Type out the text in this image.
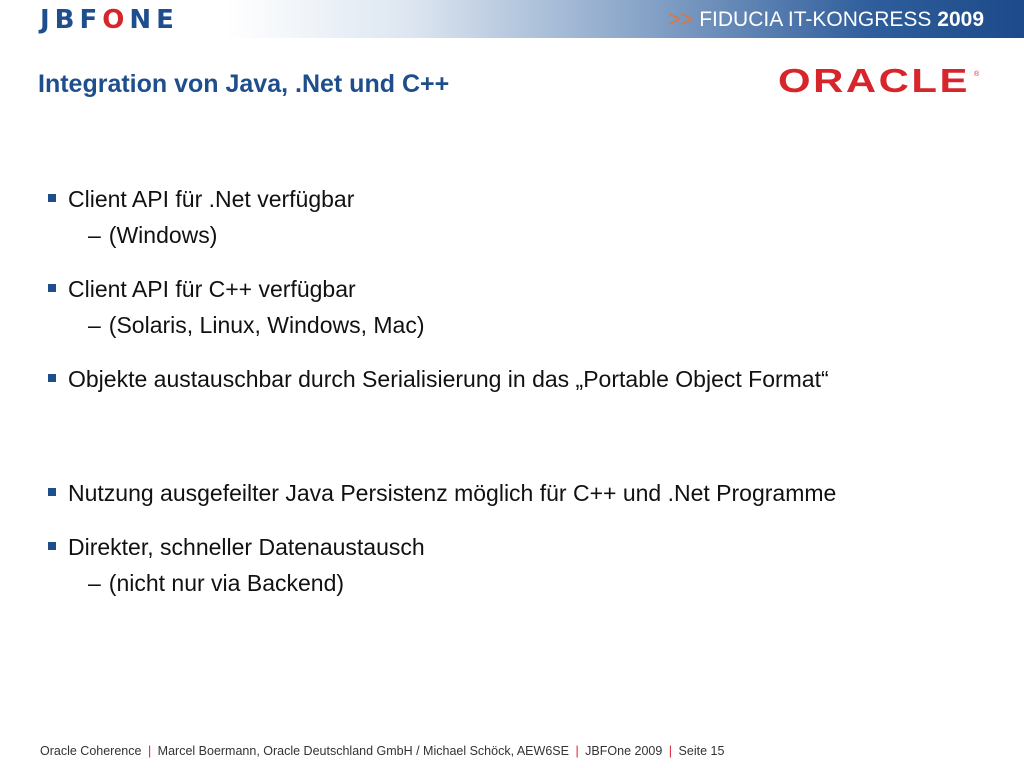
JBFONE	>> FIDUCIA IT-KONGRESS 2009
Integration von Java, .Net und C++	ORACLE ®
Client API für .Net verfügbar
– (Windows)
Client API für C++ verfügbar
– (Solaris, Linux, Windows, Mac)
Objekte austauschbar durch Serialisierung in das „Portable Object Format“
Nutzung ausgefeilter Java Persistenz möglich für C++ und .Net Programme
Direkter, schneller Datenaustausch
– (nicht nur via Backend)
Oracle Coherence | Marcel Boermann, Oracle Deutschland GmbH / Michael Schöck, AEW6SE | JBFOne 2009 | Seite 15
